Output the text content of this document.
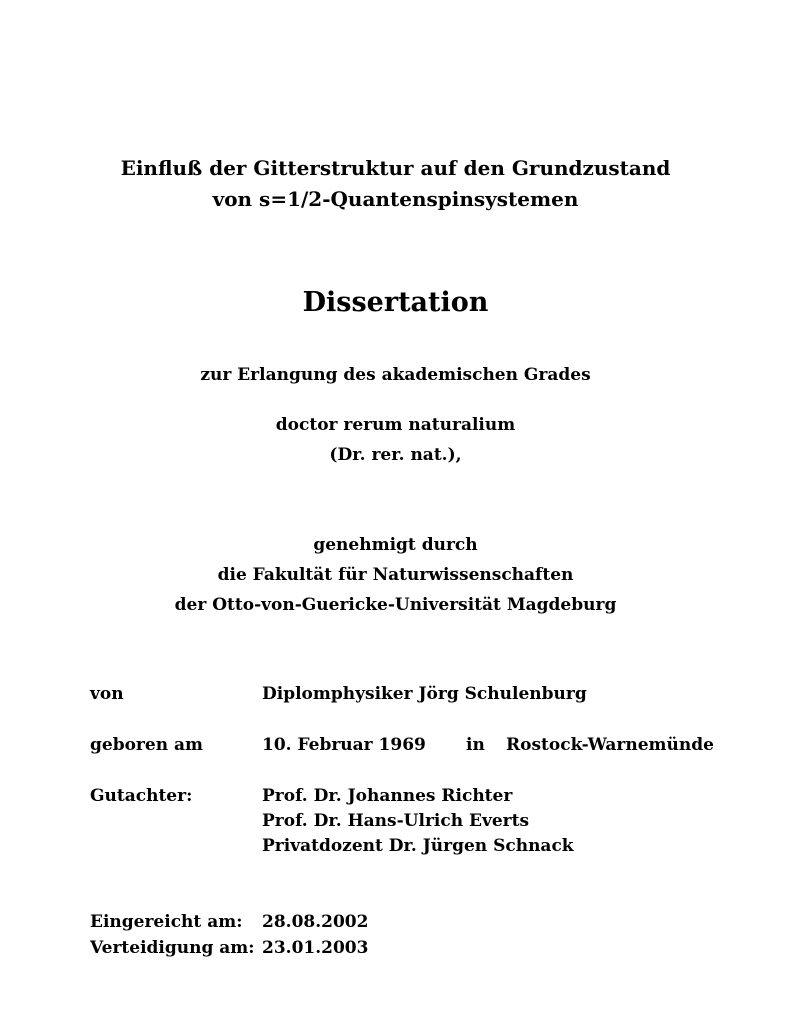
Einfluß der Gitterstruktur auf den Grundzustand
von s=1/2-Quantenspinsystemen
Dissertation
zur Erlangung des akademischen Grades
doctor rerum naturalium
(Dr. rer. nat.),
genehmigt durch
die Fakultät für Naturwissenschaften
der Otto-von-Guericke-Universität Magdeburg
von	Diplomphysiker Jörg Schulenburg
geboren am	10. Februar 1969 in Rostock-Warnemünde
Gutachter:	Prof. Dr. Johannes Richter
Prof. Dr. Hans-Ulrich Everts
Privatdozent Dr. Jürgen Schnack
Eingereicht am: 28.08.2002
Verteidigung am: 23.01.2003
